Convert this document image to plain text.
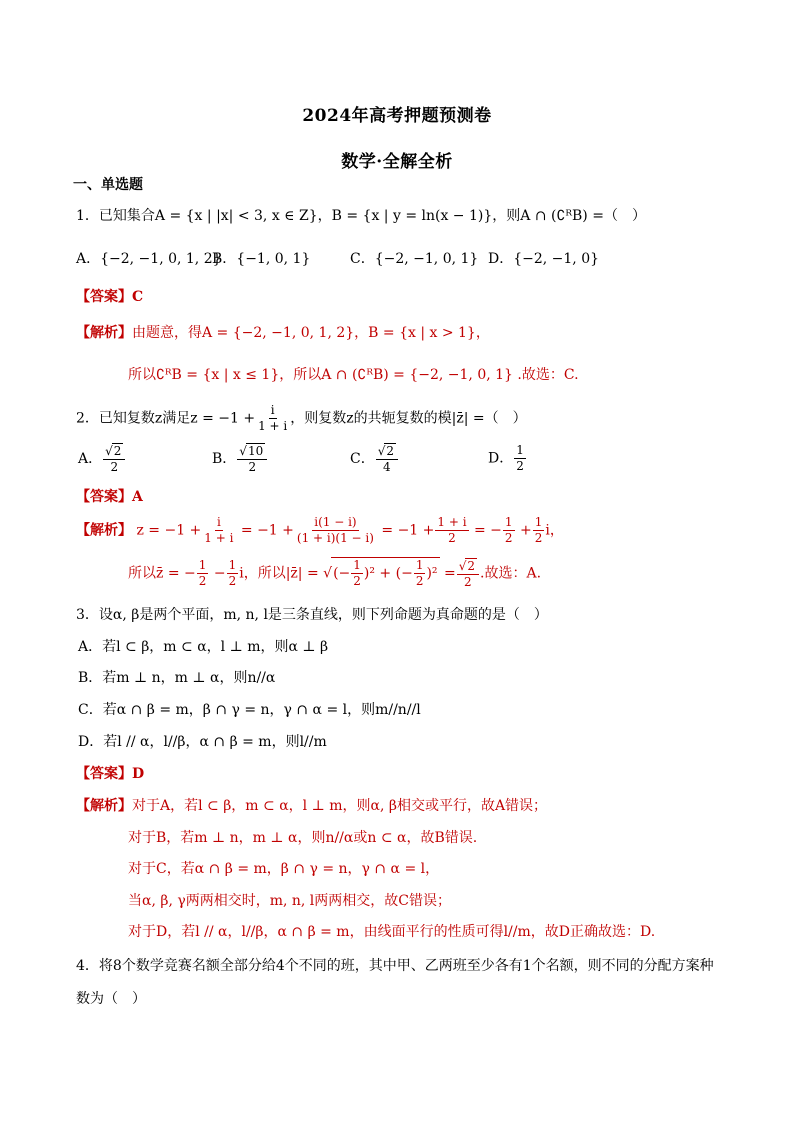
2024年高考押题预测卷
数学·全解全析
一、单选题
1．已知集合A = {x | |x| < 3, x ∈ Z}，B = {x | y = ln(x − 1)}，则A ∩ (∁ᴿB) =（　）
A．{−2, −1, 0, 1, 2}
B．{−1, 0, 1}	C．{−2, −1, 0, 1} D．{−2, −1, 0}
【答案】C
【解析】由题意，得A = {−2, −1, 0, 1, 2}，B = {x | x > 1}，
所以∁ᴿB = {x | x ≤ 1}，所以A ∩ (∁ᴿB) = {−2, −1, 0, 1} .故选：C.
2．已知复数z满足$z = -1 + \frac{i}{1 + i}$ ，则复数z的共轭复数的模|z̄| =（　）
A． $\frac{√2}{2}$	B． $\frac{√10}{2}$	C． $\frac{√2}{4}$	D． $\frac{1}{2}$
【答案】A
【解析】 $z = -1 + \frac{i}{1 + i} = -1 + \frac{i(1 - i)}{(1 + i)(1 - i)} = -1 + \frac{1 + i}{2}$ = − $\frac{1}{2} + \frac{1}{2}$ i，
所以z̄ = − $\frac{1}{2} - \frac{1}{2}$ i，所以|z̄| = √(− $\frac{1}{2} )^2$ + (− $\frac{1}{2} )^2 = \frac{√2}{2}$ .故选：A.
3．设α, β是两个平面，m, n, l是三条直线，则下列命题为真命题的是（　）
A．若l ⊂ β，m ⊂ α，l ⊥ m，则α ⊥ β
B．若m ⊥ n，m ⊥ α，则n//α
C．若α ∩ β = m，β ∩ γ = n，γ ∩ α = l，则m//n//l
D．若l // α，l//β，α ∩ β = m，则l//m
【答案】D
【解析】对于A，若l ⊂ β，m ⊂ α，l ⊥ m，则α, β相交或平行，故A错误；
对于B，若m ⊥ n，m ⊥ α，则n//α或n ⊂ α，故B错误.
对于C，若α ∩ β = m，β ∩ γ = n，γ ∩ α = l，
当α, β, γ两两相交时，m, n, l两两相交，故C错误；
对于D，若l // α，l//β，α ∩ β = m，由线面平行的性质可得l//m，故D正确故选：D.
4．将8个数学竞赛名额全部分给4个不同的班，其中甲、乙两班至少各有1个名额，则不同的分配方案种
数为（　）
